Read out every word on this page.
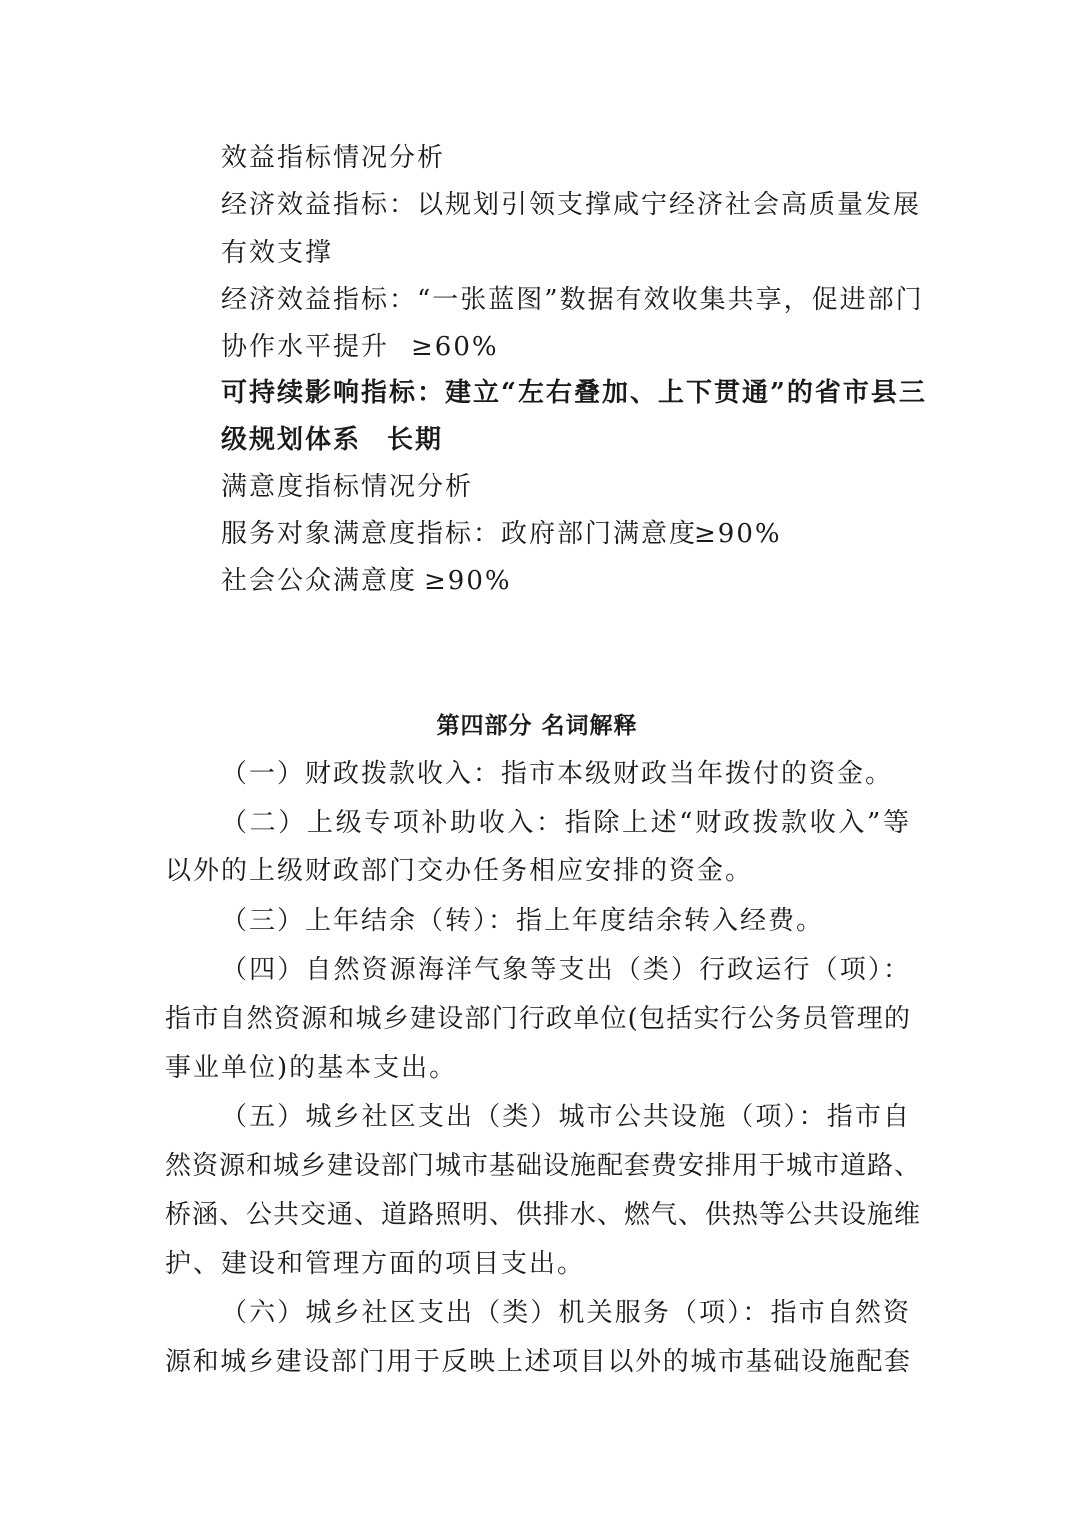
效益指标情况分析
经济效益指标：以规划引领支撑咸宁经济社会高质量发展
有效支撑
经济效益指标：“一张蓝图”数据有效收集共享，促进部门
协作水平提升 ≥60%
可持续影响指标：建立“左右叠加、上下贯通”的省市县三
级规划体系 长期
满意度指标情况分析
服务对象满意度指标：政府部门满意度
≥90%
社会公众满意度 ≥90%
第四部分 名词解释
（一）财政拨款收入：指市本级财政当年拨付的资金。
（二）上级专项补助收入：指除上述“财政拨款收入”等
以外的上级财政部门交办任务相应安排的资金。
（三）上年结余（转）：指上年度结余转入经费。
（四）自然资源海洋气象等支出（类）行政运行（项）：
指市自然资源和城乡建设部门行政单位(包括实行公务员管理的
事业单位)的基本支出。
（五）城乡社区支出（类）城市公共设施（项）：指市自
然资源和城乡建设部门城市基础设施配套费安排用于城市道路、
桥涵、公共交通、道路照明、供排水、燃气、供热等公共设施维
护、建设和管理方面的项目支出。
（六）城乡社区支出（类）机关服务（项）：指市自然资
源和城乡建设部门用于反映上述项目以外的城市基础设施配套
